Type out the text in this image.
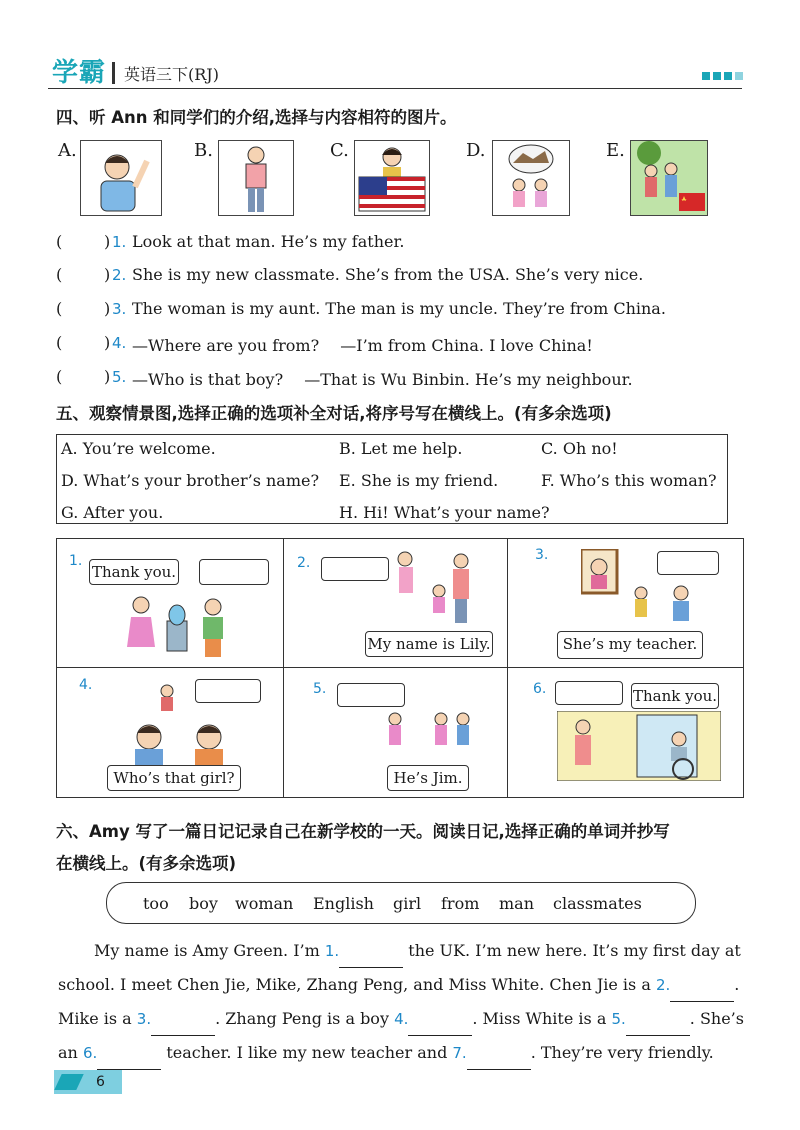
学霸	英语三下(RJ)
四、听 Ann 和同学们的介绍,选择与内容相符的图片。
A.	B.	C.	D.	E.
(	) 1. Look at that man. He’s my father.
(	) 2. She is my new classmate. She’s from the USA. She’s very nice.
(	) 3. The woman is my aunt. The man is my uncle. They’re from China.
(	) 4. —Where are you from?　 —I’m from China. I love China!
(	) 5. —Who is that boy?　 —That is Wu Binbin. He’s my neighbour.
五、观察情景图,选择正确的选项补全对话,将序号写在横线上。(有多余选项)
A. You’re welcome.	B. Let me help.	C. Oh no!
D. What’s your brother’s name? E. She is my friend.	F. Who’s this woman?
G. After you.	H. Hi! What’s your name?
1.
Thank you.	2.
My name is Lily.
3.
She’s my teacher.
4.
Who’s that girl?
5.
He’s Jim.
6.	Thank you.
六、Amy 写了一篇日记记录自己在新学校的一天。阅读日记,选择正确的单词并抄写
在横线上。(有多余选项)
too boy woman English girl from man classmates
My name is Amy Green. I’m 1.	the UK. I’m new here. It’s my first day at
school. I meet Chen Jie, Mike, Zhang Peng, and Miss White. Chen Jie is a 2.	.
Mike is a 3.	. Zhang Peng is a boy 4.	. Miss White is a 5.	. She’s
an 6.	teacher. I like my new teacher and 7.	. They’re very friendly.
6
